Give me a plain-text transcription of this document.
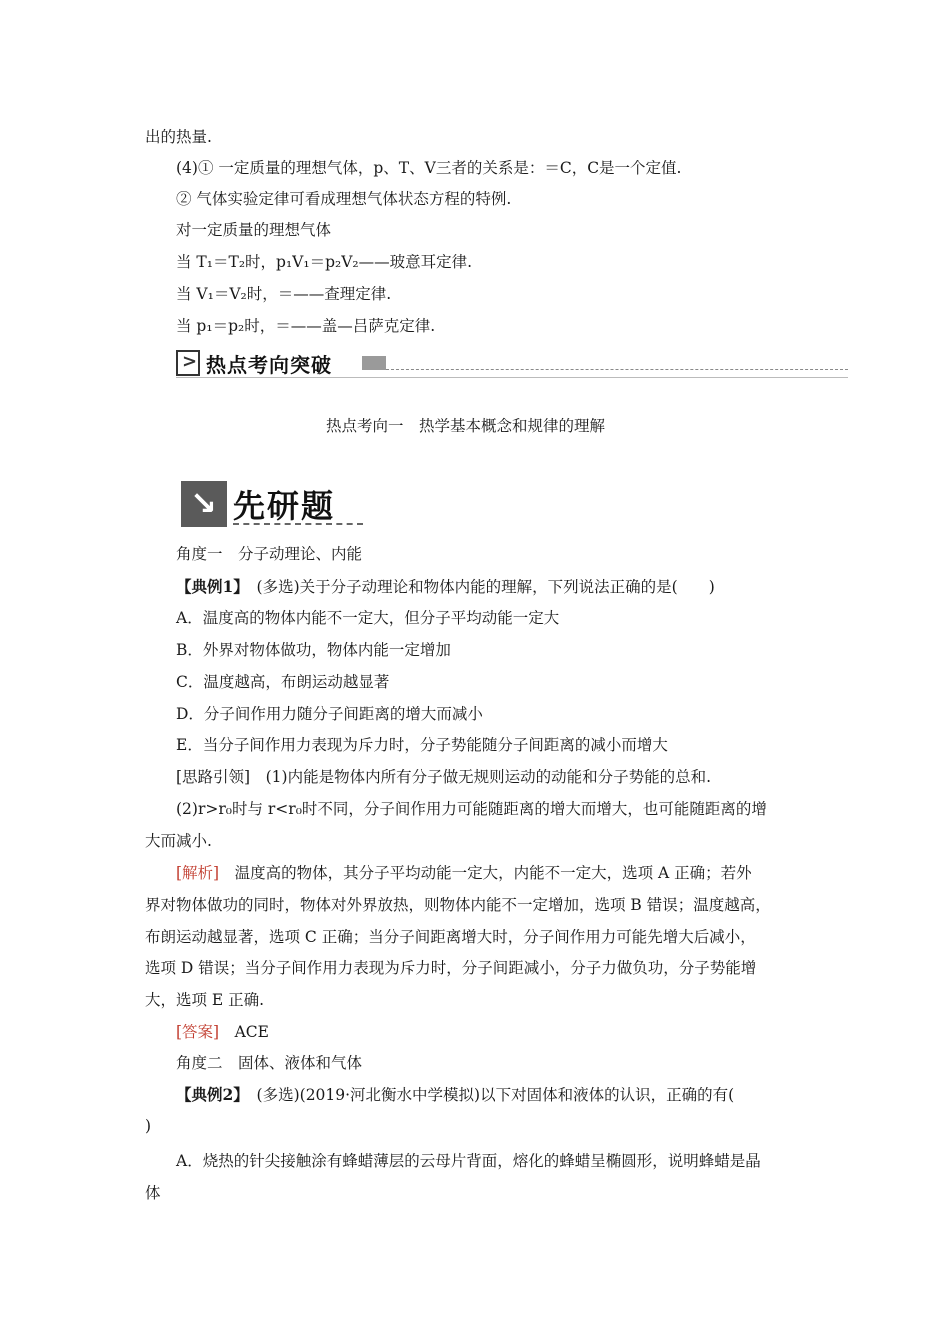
出的热量.
(4)① 一定质量的理想气体，p、T、V三者的关系是：＝C，C是一个定值.
② 气体实验定律可看成理想气体状态方程的特例.
对一定质量的理想气体
当 T₁＝T₂时，p₁V₁＝p₂V₂——玻意耳定律.
当 V₁＝V₂时，＝——查理定律.
当 p₁＝p₂时，＝——盖—吕萨克定律.
> 热点考向突破
热点考向一　热学基本概念和规律的理解
↘ 先研题
角度一　分子动理论、内能
【典例1】　(多选)关于分子动理论和物体内能的理解，下列说法正确的是(　　)
A．温度高的物体内能不一定大，但分子平均动能一定大
B．外界对物体做功，物体内能一定增加
C．温度越高，布朗运动越显著
D．分子间作用力随分子间距离的增大而减小
E．当分子间作用力表现为斥力时，分子势能随分子间距离的减小而增大
[思路引领]　(1)内能是物体内所有分子做无规则运动的动能和分子势能的总和.
(2)r>r₀时与 r<r₀时不同，分子间作用力可能随距离的增大而增大，也可能随距离的增
大而减小.
[解析]　温度高的物体，其分子平均动能一定大，内能不一定大，选项 A 正确；若外
界对物体做功的同时，物体对外界放热，则物体内能不一定增加，选项 B 错误；温度越高，
布朗运动越显著，选项 C 正确；当分子间距离增大时，分子间作用力可能先增大后减小，
选项 D 错误；当分子间作用力表现为斥力时，分子间距减小，分子力做负功，分子势能增
大，选项 E 正确.
[答案]　ACE
角度二　固体、液体和气体
【典例2】　(多选)(2019·河北衡水中学模拟)以下对固体和液体的认识，正确的有(
)
A．烧热的针尖接触涂有蜂蜡薄层的云母片背面，熔化的蜂蜡呈椭圆形，说明蜂蜡是晶
体
